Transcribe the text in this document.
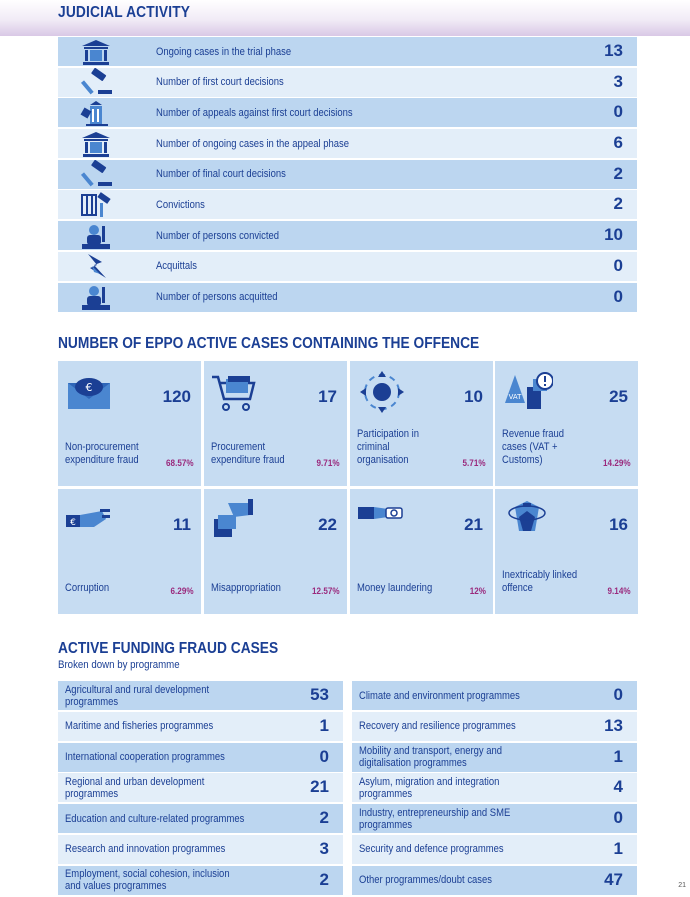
JUDICIAL ACTIVITY
Ongoing cases in the trial phase	13
Number of first court decisions	3
Number of appeals against first court decisions	0
Number of ongoing cases in the appeal phase	6
Number of final court decisions	2
Convictions	2
Number of persons convicted	10
Acquittals	0
Number of persons acquitted	0
NUMBER OF EPPO ACTIVE CASES CONTAINING THE OFFENCE
120
Non-procurement expenditure fraud	68.57%
17
Procurement expenditure fraud	9.71%
10
Participation in criminal organisation	5.71%
25
Revenue fraud cases (VAT + Customs)	14.29%
11
Corruption	6.29%
22
Misappropriation	12.57%
21
Money laundering	12%
16
Inextricably linked offence	9.14%
ACTIVE FUNDING FRAUD CASES
Broken down by programme
Agricultural and rural development programmes	53
Maritime and fisheries programmes	1
International cooperation programmes	0
Regional and urban development programmes	21
Education and culture-related programmes	2
Research and innovation programmes	3
Employment, social cohesion, inclusion and values programmes	2
Climate and environment programmes	0
Recovery and resilience programmes	13
Mobility and transport, energy and digitalisation programmes	1
Asylum, migration and integration programmes	4
Industry, entrepreneurship and SME programmes	0
Security and defence programmes	1
Other programmes/doubt cases	47	21
